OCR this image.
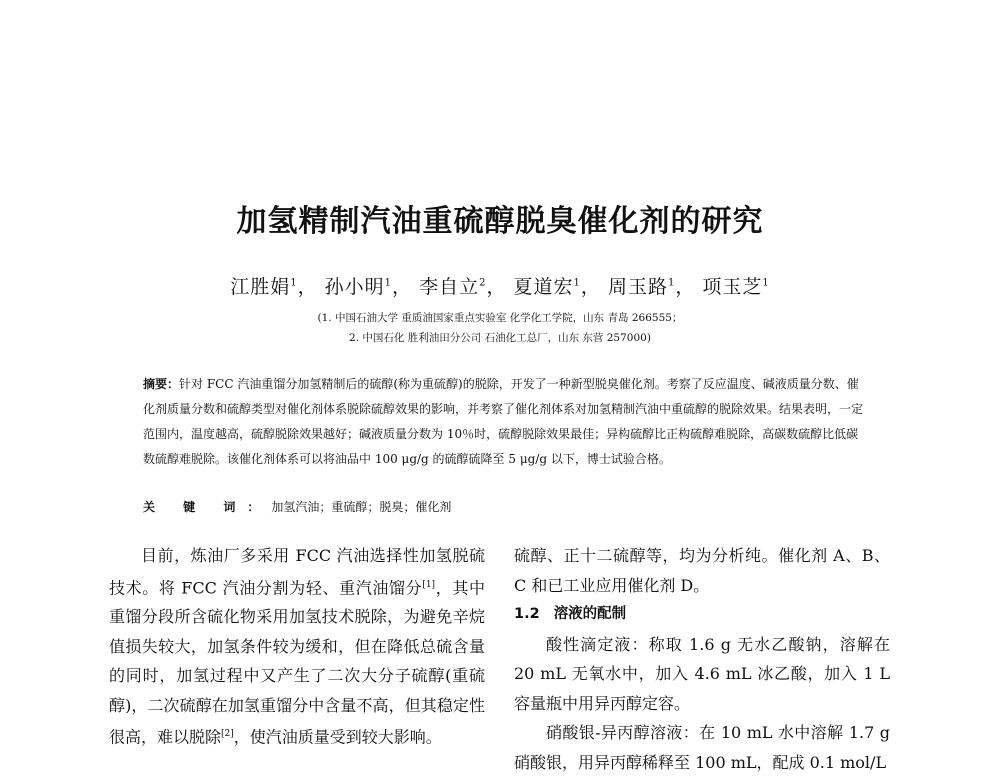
加氢精制汽油重硫醇脱臭催化剂的研究
江胜娟$^1$， 孙小明$^1$， 李自立$^2$， 夏道宏$^1$， 周玉路$^1$， 项玉芝$^1$
(1. 中国石油大学 重质油国家重点实验室 化学化工学院，山东 青岛 266555；
2. 中国石化 胜利油田分公司 石油化工总厂，山东 东营 257000)
摘要：针对 FCC 汽油重馏分加氢精制后的硫醇(称为重硫醇)的脱除，开发了一种新型脱臭催化剂。考察了反应温度、碱液质量分数、催化剂质量分数和硫醇类型对催化剂体系脱除硫醇效果的影响，并考察了催化剂体系对加氢精制汽油中重硫醇的脱除效果。结果表明，一定范围内，温度越高，硫醇脱除效果越好；碱液质量分数为 10％时，硫醇脱除效果最佳；异构硫醇比正构硫醇难脱除，高碳数硫醇比低碳数硫醇难脱除。该催化剂体系可以将油品中 100 μg/g 的硫醇硫降至 5 μg/g 以下，博士试验合格。
关 键 词：加氢汽油；重硫醇；脱臭；催化剂

目前，炼油厂多采用 FCC 汽油选择性加氢脱硫技术。将 FCC 汽油分割为轻、重汽油馏分[1]，其中重馏分段所含硫化物采用加氢技术脱除，为避免辛烷值损失较大，加氢条件较为缓和，但在降低总硫含量的同时，加氢过程中又产生了二次大分子硫醇(重硫醇)，二次硫醇在加氢重馏分中含量不高，但其稳定性很高，难以脱除[2]，使汽油质量受到较大影响。

硫醇、正十二硫醇等，均为分析纯。催化剂 A、B、C 和已工业应用催化剂 D。

1.2 溶液的配制

酸性滴定液：称取 1.6 g 无水乙酸钠，溶解在 20 mL 无氧水中，加入 4.6 mL 冰乙酸，加入 1 L 容量瓶中用异丙醇定容。

硝酸银-异丙醇溶液：在 10 mL 水中溶解 1.7 g 硝酸银，用异丙醇稀释至 100 mL，配成 0.1 mol/L
